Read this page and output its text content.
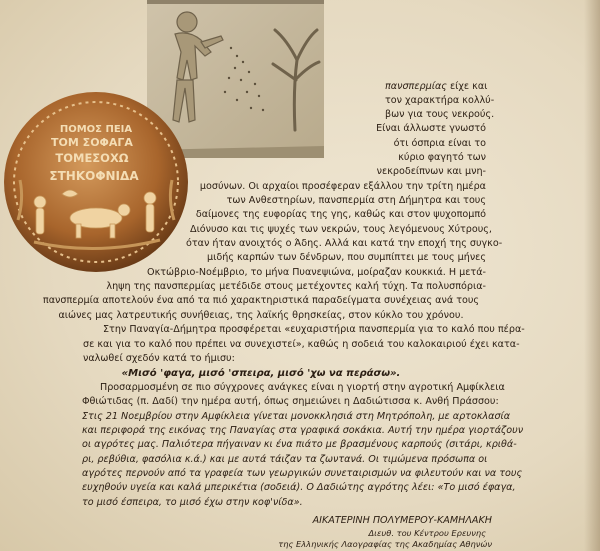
ΠΟΜΟΣ ΠΕΙΑ
ΤΟΜ ΣΟΦΑΓΑ
ΤΟΜΕΣΟΧΩ
ΣΤΗΚΟΦΝΙΔΑ
πανσπερμίας είχε και
τον χαρακτήρα κολλύ-
βων για τους νεκρούς.
Είναι άλλωστε γνωστό
ότι όσπρια είναι το
κύριο φαγητό των
νεκροδείπνων και μνη-
μοσύνων. Οι αρχαίοι προσέφεραν εξάλλου την τρίτη ημέρα
των Ανθεστηρίων, πανσπερμία στη Δήμητρα και τους
δαίμονες της ευφορίας της γης, καθώς και στον ψυχοπομπό
Διόνυσο και τις ψυχές των νεκρών, τους λεγόμενους Χύτρους,
όταν ήταν ανοιχτός ο Άδης. Αλλά και κατά την εποχή της συγκο-
μιδής καρπών των δένδρων, που συμπίπτει με τους μήνες
Οκτώβριο-Νοέμβριο, το μήνα Πυανεψιώνα, μοίραζαν κουκκιά. Η μετά-
ληψη της πανσπερμίας μετέδιδε στους μετέχοντες καλή τύχη. Τα πολυσπόρια-
πανσπερμία αποτελούν ένα από τα πιό χαρακτηριστικά παραδείγματα συνέχειας ανά τους
αιώνες μας λατρευτικής συνήθειας, της λαϊκής θρησκείας, στον κύκλο του χρόνου.
Στην Παναγία-Δήμητρα προσφέρεται «ευχαριστήρια πανσπερμία για το καλό που πέρα-
σε και για το καλό που πρέπει να συνεχιστεί», καθώς η σοδειά του καλοκαιριού έχει κατα-
ναλωθεί σχεδόν κατά το ήμισυ:
«Μισό 'φαγα, μισό 'σπειρα, μισό 'χω να περάσω».
Προσαρμοσμένη σε πιο σύγχρονες ανάγκες είναι η γιορτή στην αγροτική Αμφίκλεια
Φθιώτιδας (π. Δαδί) την ημέρα αυτή, όπως σημειώνει η Δαδιώτισσα κ. Ανθή Πράσσου:
Στις 21 Νοεμβρίου στην Αμφίκλεια γίνεται μονοκκλησιά στη Μητρόπολη, με αρτοκλασία
και περιφορά της εικόνας της Παναγίας στα γραφικά σοκάκια. Αυτή την ημέρα γιορτάζουν
οι αγρότες μας. Παλιότερα πήγαιναν κι ένα πιάτο με βρασμένους καρπούς (σιτάρι, κριθά-
ρι, ρεβύθια, φασόλια κ.ά.) και με αυτά τάιζαν τα ζωντανά. Οι τιμώμενα πρόσωπα οι
αγρότες περνούν από τα γραφεία των γεωργικών συνεταιρισμών να φιλευτούν και να τους
ευχηθούν υγεία και καλά μπερικέτια (σοδειά). Ο Δαδιώτης αγρότης λέει: «Το μισό έφαγα,
το μισό έσπειρα, το μισό έχω στην κοφ'νίδα».
ΑΙΚΑΤΕΡΙΝΗ ΠΟΛΥΜΕΡΟΥ-ΚΑΜΗΛΑΚΗ
Διευθ. του Κέντρου Ερευνης
της Ελληνικής Λαογραφίας της Ακαδημίας Αθηνών
